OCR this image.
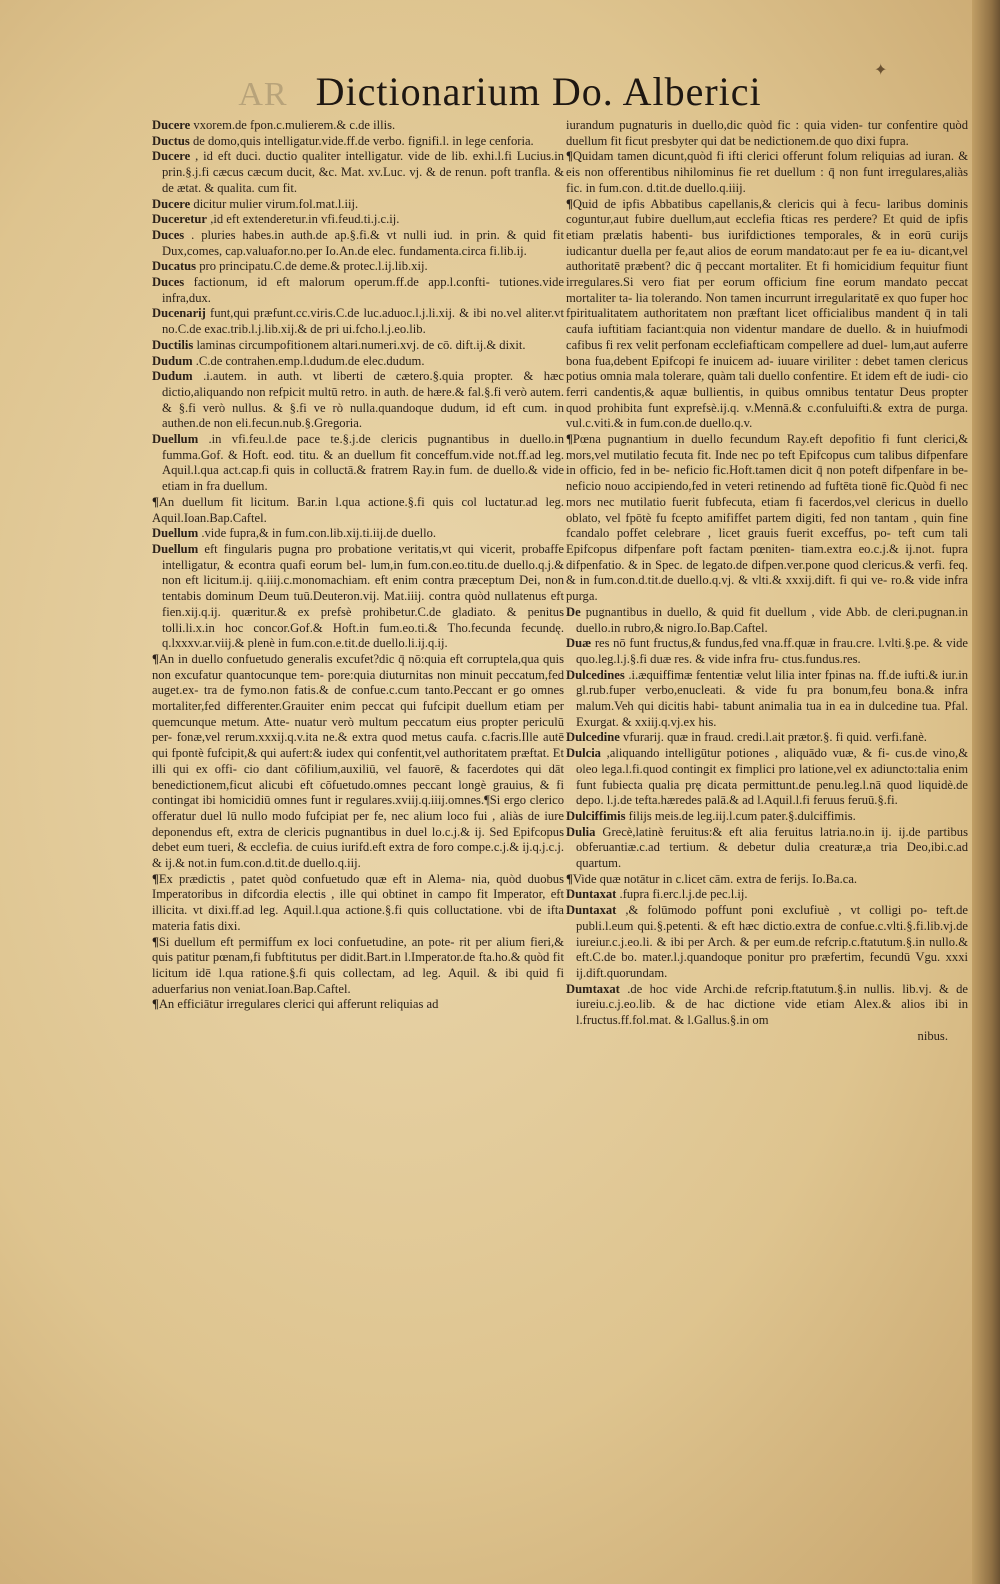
AR Dictionarium Do. Alberici
Ducere vxorem.de fpon.c.mulierem.& c.de illis.
Ductus de domo,quis intelligatur.vide.ff.de verbo. fignifi.l. in lege cenforia.
Ducere , id eft duci. ductio qualiter intelligatur. vide de lib. exhi.l.fi Lucius.in prin.§.j.fi cæcus cæcum ducit, &c. Mat. xv.Luc. vj. & de renun. poft tranfla. & de ætat. & qualita. cum fit.
Ducere dicitur mulier virum.fol.mat.l.iij.
Duceretur ,id eft extenderetur.in vfi.feud.ti.j.c.ij.
Duces . pluries habes.in auth.de ap.§.fi.& vt nulli iud. in prin. & quid fit Dux,comes, cap.valuafor.no.per Io.An.de elec. fundamenta.circa fi.lib.ij.
Ducatus pro principatu.C.de deme.& protec.l.ij.lib.xij.
Duces factionum, id eft malorum operum.ff.de app.l.confti- tutiones.vide infra,dux.
Ducenarij funt,qui præfunt.cc.viris.C.de luc.aduoc.l.j.li.xij. & ibi no.vel aliter.vt no.C.de exac.trib.l.j.lib.xij.& de pri ui.fcho.l.j.eo.lib.
Ductilis laminas circumpofitionem altari.numeri.xvj. de cō. dift.ij.& dixit.
Dudum .C.de contrahen.emp.l.dudum.de elec.dudum.
Dudum .i.autem. in auth. vt liberti de cætero.§.quia propter. & hæc dictio,aliquando non refpicit multū retro. in auth. de hære.& fal.§.fi verò autem. & §.fi verò nullus. & §.fi ve rò nulla.quandoque dudum, id eft cum. in authen.de non eli.fecun.nub.§.Gregoria.
Duellum .in vfi.feu.l.de pace te.§.j.de clericis pugnantibus in duello.in fumma.Gof. & Hoft. eod. titu. & an duellum fit conceffum.vide not.ff.ad leg. Aquil.l.qua act.cap.fi quis in colluctā.& fratrem Ray.in fum. de duello.& vide etiam in fra duellum.
¶An duellum fit licitum. Bar.in l.qua actione.§.fi quis col luctatur.ad leg. Aquil.Ioan.Bap.Caftel.
Duellum .vide fupra,& in fum.con.lib.xij.ti.iij.de duello.
Duellum eft fingularis pugna pro probatione veritatis,vt qui vicerit, probaffe intelligatur, & econtra quafi eorum bel- lum,in fum.con.eo.titu.de duello.q.j.& non eft licitum.ij. q.iiij.c.monomachiam. eft enim contra præceptum Dei, non tentabis dominum Deum tuū.Deuteron.vij. Mat.iiij. contra quòd nullatenus eft fien.xij.q.ij. quæritur.& ex prefsè prohibetur.C.de gladiato. & penitus tolli.li.x.in hoc concor.Gof.& Hoft.in fum.eo.ti.& Tho.fecunda fecundę. q.lxxxv.ar.viij.& plenè in fum.con.e.tit.de duello.li.ij.q.ij.
¶An in duello confuetudo generalis excufet?dic q̄ nō:quia eft corruptela,qua quis non excufatur quantocunque tem- pore:quia diuturnitas non minuit peccatum,fed auget.ex- tra de fymo.non fatis.& de confue.c.cum tanto.Peccant er go omnes mortaliter,fed differenter.Grauiter enim peccat qui fufcipit duellum etiam per quemcunque metum. Atte- nuatur verò multum peccatum eius propter periculū per- fonæ,vel rerum.xxxij.q.v.ita ne.& extra quod metus caufa. c.facris.Ille autē qui fpontè fufcipit,& qui aufert:& iudex qui confentit,vel authoritatem præftat. Et illi qui ex offi- cio dant cōfilium,auxiliū, vel fauorē, & facerdotes qui dāt benedictionem,ficut alicubi eft cōfuetudo.omnes peccant longè grauius, & fi contingat ibi homicidiū omnes funt ir regulares.xviij.q.iiij.omnes.¶Si ergo clerico offeratur duel lū nullo modo fufcipiat per fe, nec alium loco fui , aliàs de iure deponendus eft, extra de clericis pugnantibus in duel lo.c.j.& ij. Sed Epifcopus debet eum tueri, & ecclefia. de cuius iurifd.eft extra de foro compe.c.j.& ij.q.j.c.j. & ij.& not.in fum.con.d.tit.de duello.q.iij.
¶Ex prædictis , patet quòd confuetudo quæ eft in Alema- nia, quòd duobus Imperatoribus in difcordia electis , ille qui obtinet in campo fit Imperator, eft illicita. vt dixi.ff.ad leg. Aquil.l.qua actione.§.fi quis colluctatione. vbi de ifta materia fatis dixi.
¶Si duellum eft permiffum ex loci confuetudine, an pote- rit per alium fieri,& quis patitur pœnam,fi fubftitutus per didit.Bart.in l.Imperator.de fta.ho.& quòd fit licitum idē l.qua ratione.§.fi quis collectam, ad leg. Aquil. & ibi quid fi aduerfarius non veniat.Ioan.Bap.Caftel.
¶An efficiātur irregulares clerici qui afferunt reliquias ad
iurandum pugnaturis in duello,dic quòd fic : quia viden- tur confentire quòd duellum fit ficut presbyter qui dat be nedictionem.de quo dixi fupra.
¶Quidam tamen dicunt,quòd fi ifti clerici offerunt folum reliquias ad iuran. & eis non offerentibus nihilominus fie ret duellum : q̄ non funt irregulares,aliàs fic. in fum.con. d.tit.de duello.q.iiij.
¶Quid de ipfis Abbatibus capellanis,& clericis qui à fecu- laribus dominis coguntur,aut fubire duellum,aut ecclefia fticas res perdere? Et quid de ipfis etiam prælatis habenti- bus iurifdictiones temporales, & in eorū curijs iudicantur duella per fe,aut alios de eorum mandato:aut per fe ea iu- dicant,vel authoritatē præbent? dic q̄ peccant mortaliter. Et fi homicidium fequitur fiunt irregulares.Si vero fiat per eorum officium fine eorum mandato peccat mortaliter ta- lia tolerando. Non tamen incurrunt irregularitatē ex quo fuper hoc fpiritualitatem authoritatem non præftant licet officialibus mandent q̄ in tali caufa iuftitiam faciant:quia non videntur mandare de duello. & in huiufmodi cafibus fi rex velit perfonam ecclefiafticam compellere ad duel- lum,aut auferre bona fua,debent Epifcopi fe inuicem ad- iuuare viriliter : debet tamen clericus potius omnia mala tolerare, quàm tali duello confentire. Et idem eft de iudi- cio ferri candentis,& aquæ bullientis, in quibus omnibus tentatur Deus propter quod prohibita funt exprefsè.ij.q. v.Mennā.& c.confuluifti.& extra de purga. vul.c.viti.& in fum.con.de duello.q.v.
¶Pœna pugnantium in duello fecundum Ray.eft depofitio fi funt clerici,& mors,vel mutilatio fecuta fit. Inde nec po teft Epifcopus cum talibus difpenfare in officio, fed in be- neficio fic.Hoft.tamen dicit q̄ non poteft difpenfare in be- neficio nouo accipiendo,fed in veteri retinendo ad fuftēta tionē fic.Quòd fi nec mors nec mutilatio fuerit fubfecuta, etiam fi facerdos,vel clericus in duello oblato, vel fpōtè fu fcepto amififfet partem digiti, fed non tantam , quin fine fcandalo poffet celebrare , licet grauis fuerit exceffus, po- teft cum tali Epifcopus difpenfare poft factam pœniten- tiam.extra eo.c.j.& ij.not. fupra difpenfatio. & in Spec. de legato.de difpen.ver.pone quod clericus.& verfi. feq. & in fum.con.d.tit.de duello.q.vj. & vlti.& xxxij.dift. fi qui ve- ro.& vide infra purga.
De pugnantibus in duello, & quid fit duellum , vide Abb. de cleri.pugnan.in duello.in rubro,& nigro.Io.Bap.Caftel.
Duæ res nō funt fructus,& fundus,fed vna.ff.quæ in frau.cre. l.vlti.§.pe. & vide quo.leg.l.j.§.fi duæ res. & vide infra fru- ctus.fundus.res.
Dulcedines .i.æquiffimæ fententiæ velut lilia inter fpinas na. ff.de iufti.& iur.in gl.rub.fuper verbo,enucleati. & vide fu pra bonum,feu bona.& infra malum.Veh qui dicitis habi- tabunt animalia tua in ea in dulcedine tua. Pfal. Exurgat. & xxiij.q.vj.ex his.
Dulcedine vfurarij. quæ in fraud. credi.l.ait prætor.§. fi quid. verfi.fanè.
Dulcia ,aliquando intelligūtur potiones , aliquādo vuæ, & fi- cus.de vino,& oleo lega.l.fi.quod contingit ex fimplici pro latione,vel ex adiuncto:talia enim funt fubiecta qualia prę dicata permittunt.de penu.leg.l.nā quod liquidè.de depo. l.j.de tefta.hæredes palā.& ad l.Aquil.l.fi feruus feruū.§.fi.
Dulciffimis filijs meis.de leg.iij.l.cum pater.§.dulciffimis.
Dulia Grecè,latinè feruitus:& eft alia feruitus latria.no.in ij. ij.de partibus obferuantiæ.c.ad tertium. & debetur dulia creaturæ,a tria Deo,ibi.c.ad quartum.
¶Vide quæ notātur in c.licet cām. extra de ferijs. Io.Ba.ca.
Duntaxat .fupra fi.erc.l.j.de pec.l.ij.
Duntaxat ,& folūmodo poffunt poni exclufiuè , vt colligi po- teft.de publi.l.eum qui.§.petenti. & eft hæc dictio.extra de confue.c.vlti.§.fi.lib.vj.de iureiur.c.j.eo.li. & ibi per Arch. & per eum.de refcrip.c.ftatutum.§.in nullo.& eft.C.de bo. mater.l.j.quandoque ponitur pro præfertim, fecundū Vgu. xxxi ij.dift.quorundam.
Dumtaxat .de hoc vide Archi.de refcrip.ftatutum.§.in nullis. lib.vj. & de iureiu.c.j.eo.lib. & de hac dictione vide etiam Alex.& alios ibi in l.fructus.ff.fol.mat. & l.Gallus.§.in om
nibus.
✦
